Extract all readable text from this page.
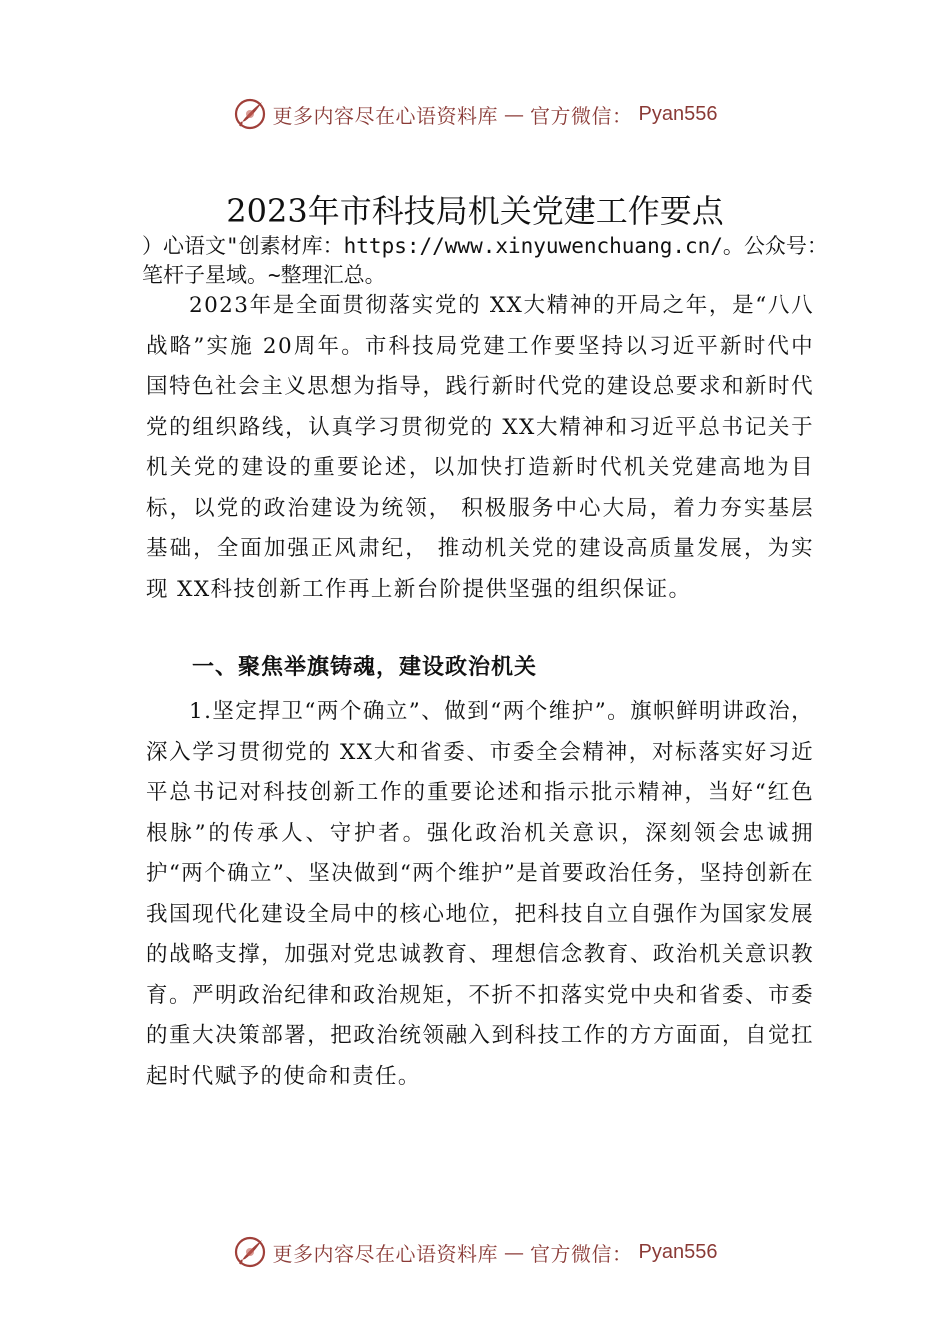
更多内容尽在心语资料库 — 官方微信： Pyan556
2023年市科技局机关党建工作要点
）心语文"创素材库：https://www.xinyuwenchuang.cn/。公众号：笔杆子星域。~整理汇总。
2023年是全面贯彻落实党的 XX大精神的开局之年，是“八八战略”实施 20周年。市科技局党建工作要坚持以习近平新时代中国特色社会主义思想为指导，践行新时代党的建设总要求和新时代党的组织路线，认真学习贯彻党的 XX大精神和习近平总书记关于机关党的建设的重要论述，以加快打造新时代机关党建高地为目标，以党的政治建设为统领， 积极服务中心大局，着力夯实基层基础，全面加强正风肃纪， 推动机关党的建设高质量发展，为实现 XX科技创新工作再上新台阶提供坚强的组织保证。
一、聚焦举旗铸魂，建设政治机关
1.坚定捍卫“两个确立”、做到“两个维护”。旗帜鲜明讲政治，深入学习贯彻党的 XX大和省委、市委全会精神，对标落实好习近平总书记对科技创新工作的重要论述和指示批示精神，当好“红色根脉”的传承人、守护者。强化政治机关意识，深刻领会忠诚拥护“两个确立”、坚决做到“两个维护”是首要政治任务，坚持创新在我国现代化建设全局中的核心地位，把科技自立自强作为国家发展的战略支撑，加强对党忠诚教育、理想信念教育、政治机关意识教育。严明政治纪律和政治规矩，不折不扣落实党中央和省委、市委的重大决策部署，把政治统领融入到科技工作的方方面面，自觉扛起时代赋予的使命和责任。
更多内容尽在心语资料库 — 官方微信： Pyan556
